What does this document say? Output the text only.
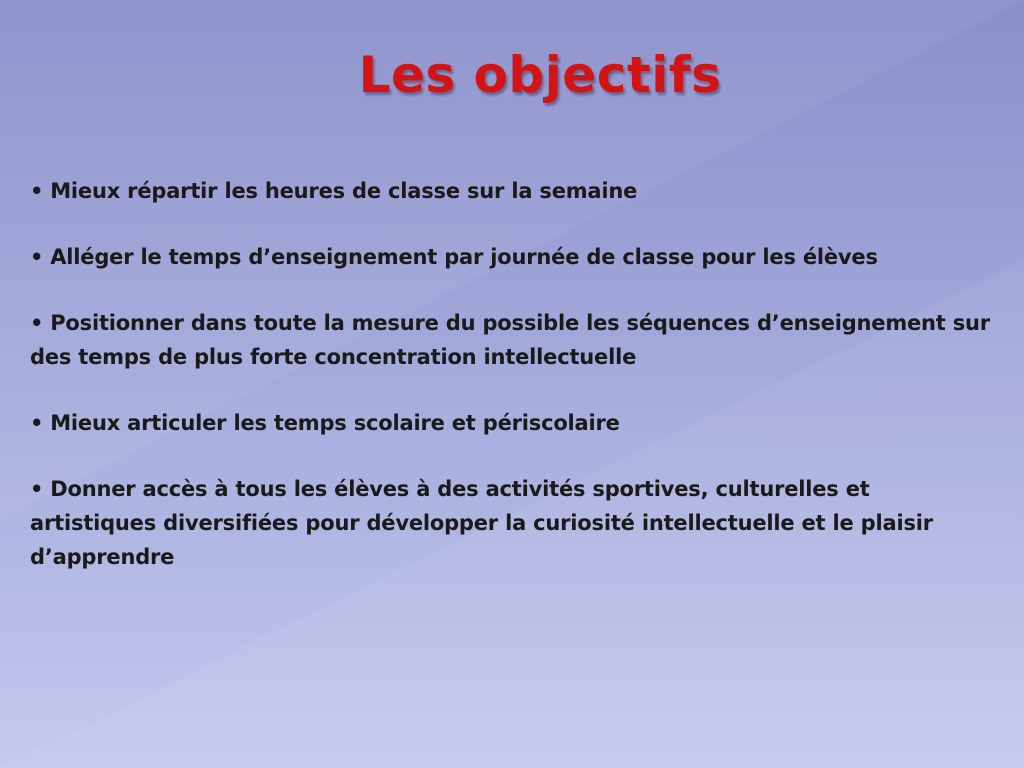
Les objectifs
• Mieux répartir les heures de classe sur la semaine
• Alléger le temps d’enseignement par journée de classe pour les élèves
• Positionner dans toute la mesure du possible les séquences d’enseignement sur des temps de plus forte concentration intellectuelle
• Mieux articuler les temps scolaire et périscolaire
• Donner accès à tous les élèves à des activités sportives, culturelles et artistiques diversifiées pour développer la curiosité intellectuelle et le plaisir d’apprendre
